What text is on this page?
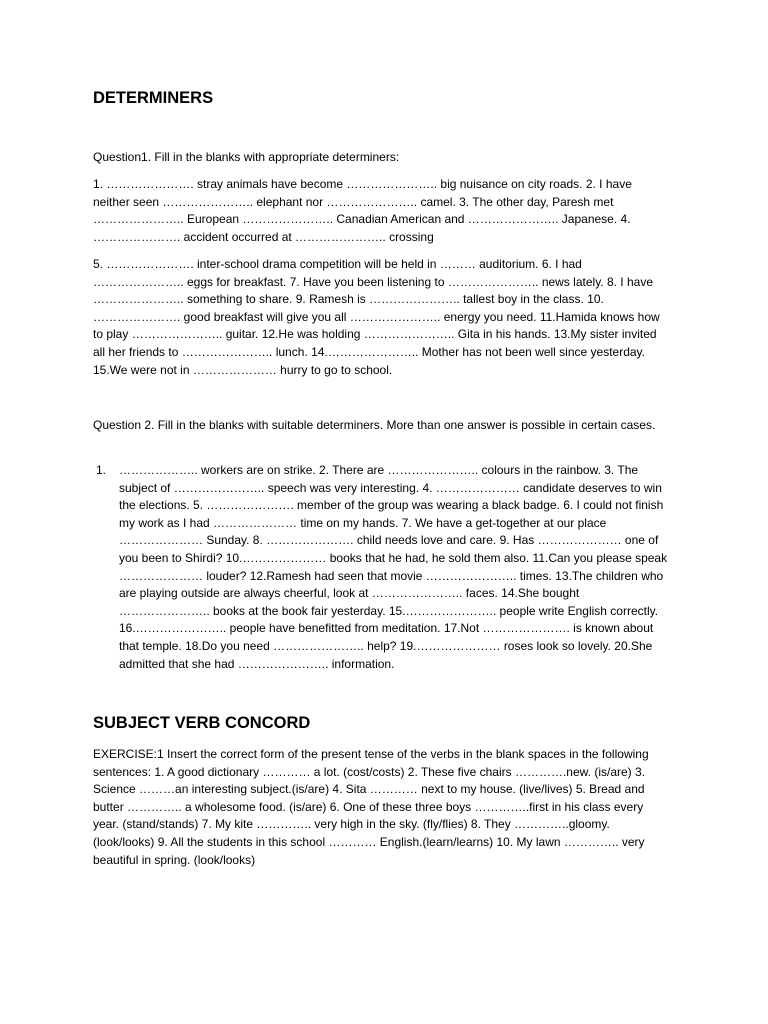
DETERMINERS

Question1. Fill in the blanks with appropriate determiners:

1. …………………. stray animals have become ………………….. big nuisance on city roads. 2. I have neither seen ………………….. elephant nor ………………….. camel. 3. The other day, Paresh met ………………….. European ………………….. Canadian American and ………………….. Japanese. 4. …………………. accident occurred at ………………….. crossing

5. …………………. inter-school drama competition will be held in ……… auditorium. 6. I had ………………….. eggs for breakfast. 7. Have you been listening to ………………….. news lately. 8. I have ………………….. something to share. 9. Ramesh is ………………….. tallest boy in the class. 10. …………………. good breakfast will give you all ………………….. energy you need. 11.Hamida knows how to play ………………….. guitar. 12.He was holding ………………….. Gita in his hands. 13.My sister invited all her friends to ………………….. lunch. 14.………………….. Mother has not been well since yesterday. 15.We were not in ………………… hurry to go to school.

Question 2. Fill in the blanks with suitable determiners. More than one answer is possible in certain cases.

1. ……………….. workers are on strike. 2. There are ………………….. colours in the rainbow. 3. The subject of ………………….. speech was very interesting. 4. ………………… candidate deserves to win the elections. 5. …………………. member of the group was wearing a black badge. 6. I could not finish my work as I had ………………… time on my hands. 7. We have a get-together at our place ………………… Sunday. 8. …………………. child needs love and care. 9. Has ………………… one of you been to Shirdi? 10.………………… books that he had, he sold them also. 11.Can you please speak ………………… louder? 12.Ramesh had seen that movie ………………….. times. 13.The children who are playing outside are always cheerful, look at ………………….. faces. 14.She bought ………………….. books at the book fair yesterday. 15.………………….. people write English correctly. 16.………………….. people have benefitted from meditation. 17.Not …………………. is known about that temple. 18.Do you need ………………….. help? 19.………………… roses look so lovely. 20.She admitted that she had ………………….. information.
SUBJECT VERB CONCORD

EXERCISE:1 Insert the correct form of the present tense of the verbs in the blank spaces in the following sentences: 1. A good dictionary ………… a lot. (cost/costs) 2. These five chairs ………….new. (is/are) 3. Science ………an interesting subject.(is/are) 4. Sita ………… next to my house. (live/lives) 5. Bread and butter ………….. a wholesome food. (is/are) 6. One of these three boys …………..first in his class every year. (stand/stands) 7. My kite ………….. very high in the sky. (fly/flies) 8. They …………..gloomy. (look/looks) 9. All the students in this school ………… English.(learn/learns) 10. My lawn ………….. very beautiful in spring. (look/looks)
